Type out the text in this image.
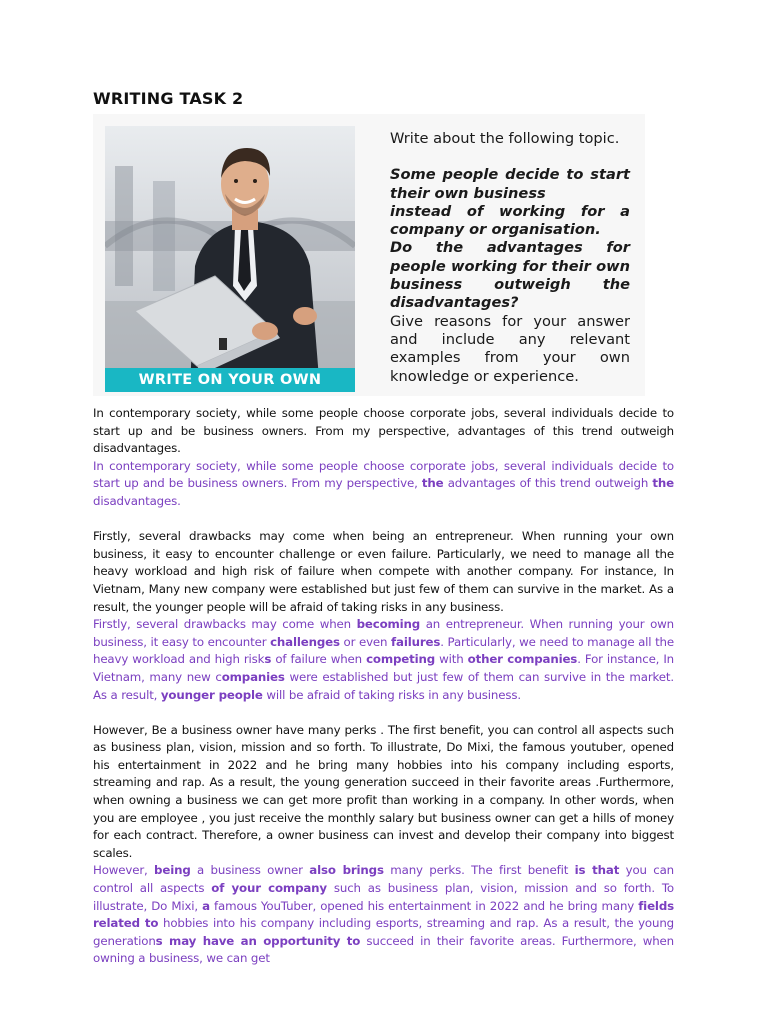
WRITING TASK 2
WRITE ON YOUR OWN

Write about the following topic.

Some people decide to start their own business

instead of working for a company or organisation.

Do the advantages for people working for their own business outweigh the disadvantages?

Give reasons for your answer and include any relevant examples from your own knowledge or experience.

In contemporary society, while some people choose corporate jobs, several individuals decide to start up and be business owners. From my perspective, advantages of this trend outweigh disadvantages.

In contemporary society, while some people choose corporate jobs, several individuals decide to start up and be business owners. From my perspective, the advantages of this trend outweigh the disadvantages.

Firstly, several drawbacks may come when being an entrepreneur. When running your own business, it easy to encounter challenge or even failure. Particularly, we need to manage all the heavy workload and high risk of failure when compete with another company. For instance, In Vietnam, Many new company were established but just few of them can survive in the market. As a result, the younger people will be afraid of taking risks in any business.

Firstly, several drawbacks may come when becoming an entrepreneur. When running your own business, it easy to encounter challenges or even failures. Particularly, we need to manage all the heavy workload and high risks of failure when competing with other companies. For instance, In Vietnam, many new companies were established but just few of them can survive in the market. As a result, younger people will be afraid of taking risks in any business.

However, Be a business owner have many perks . The first benefit, you can control all aspects such as business plan, vision, mission and so forth. To illustrate, Do Mixi, the famous youtuber, opened his entertainment in 2022 and he bring many hobbies into his company including esports, streaming and rap. As a result, the young generation succeed in their favorite areas .Furthermore, when owning a business we can get more profit than working in a company. In other words, when you are employee , you just receive the monthly salary but business owner can get a hills of money for each contract. Therefore, a owner business can invest and develop their company into biggest scales.

However, being a business owner also brings many perks. The first benefit is that you can control all aspects of your company such as business plan, vision, mission and so forth. To illustrate, Do Mixi, a famous YouTuber, opened his entertainment in 2022 and he bring many fields related to hobbies into his company including esports, streaming and rap. As a result, the young generations may have an opportunity to succeed in their favorite areas. Furthermore, when owning a business, we can get
